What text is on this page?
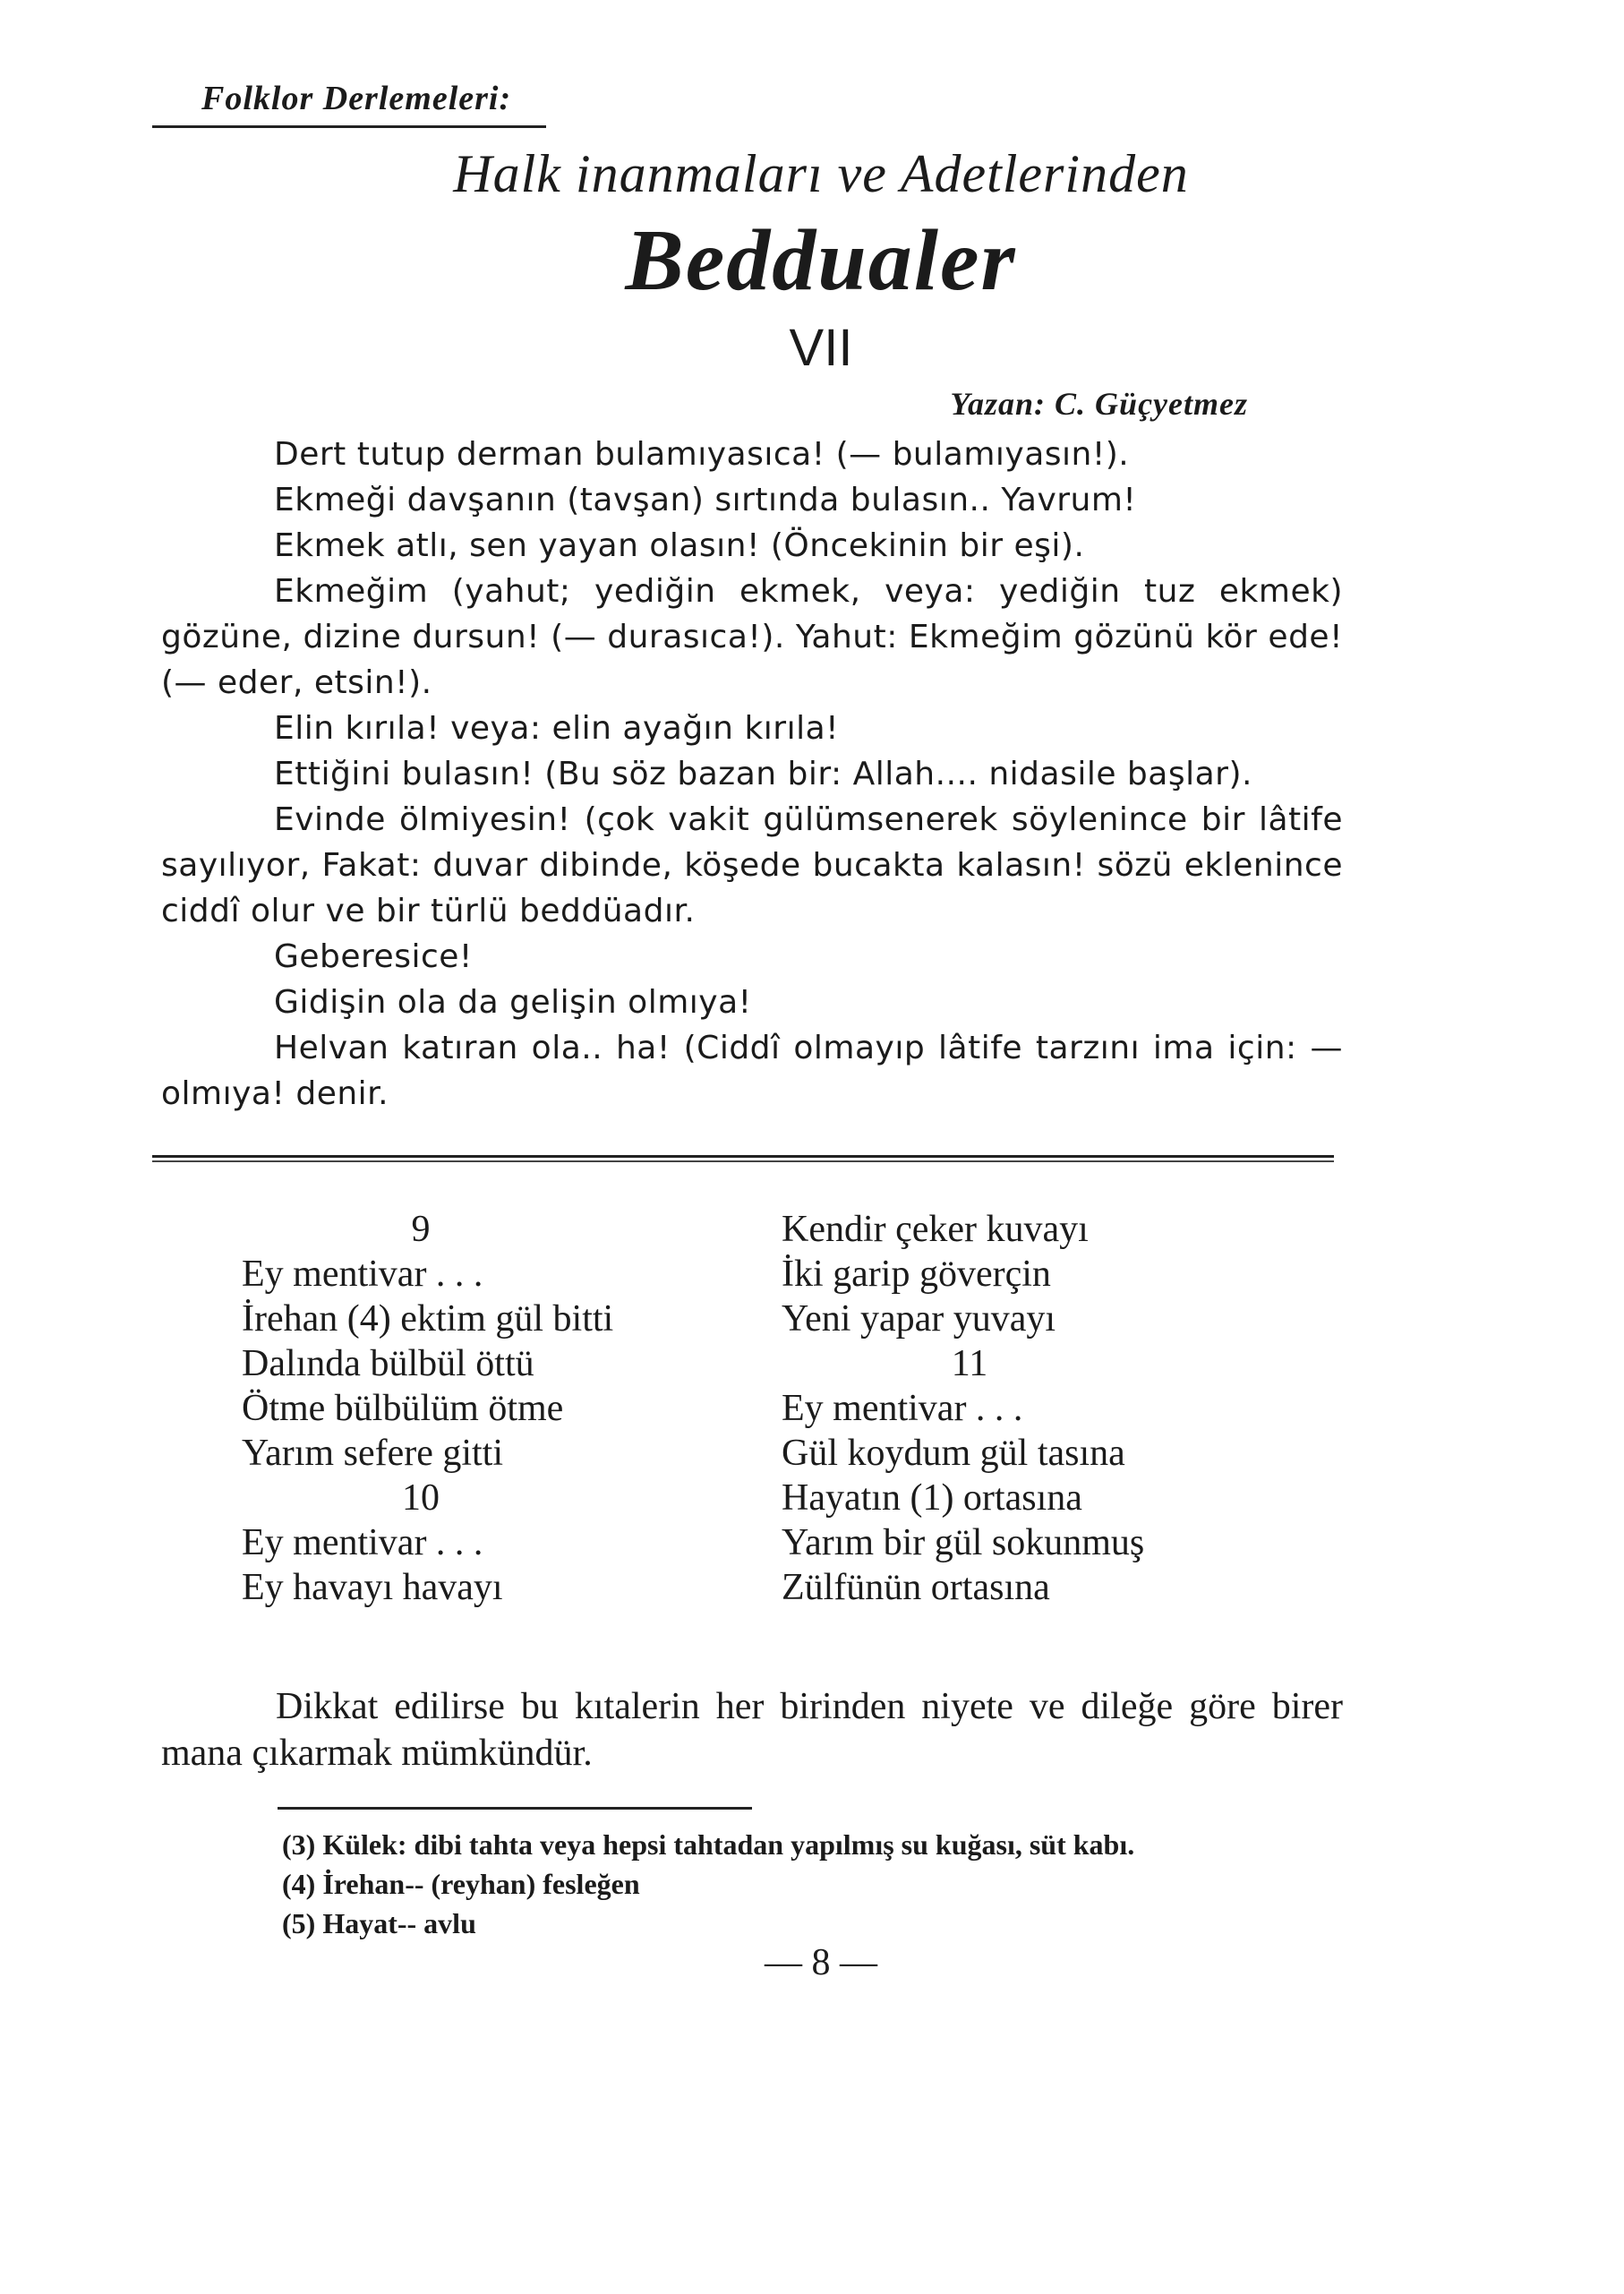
Folklor Derlemeleri:
Halk inanmaları ve Adetlerinden
Beddualer
VII
Yazan: C. Güçyetmez

Dert tutup derman bulamıyasıca! (— bulamıyasın!).

Ekmeği davşanın (tavşan) sırtında bulasın.. Yavrum!

Ekmek atlı, sen yayan olasın! (Öncekinin bir eşi).

Ekmeğim (yahut; yediğin ekmek, veya: yediğin tuz ekmek) gözüne, dizine dursun! (— durasıca!). Yahut: Ekmeğim gözünü kör ede! (— eder, etsin!).

Elin kırıla! veya: elin ayağın kırıla!

Ettiğini bulasın! (Bu söz bazan bir: Allah.... nidasile başlar).

Evinde ölmiyesin! (çok vakit gülümsenerek söylenince bir lâtife sayılıyor, Fakat: duvar dibinde, köşede bucakta kalasın! sözü eklenince ciddî olur ve bir türlü beddüadır.

Geberesice!

Gidişin ola da gelişin olmıya!

Helvan katıran ola.. ha! (Ciddî olmayıp lâtife tarzını ima için: — olmıya! denir.

9
Ey mentivar . . .
İrehan (4) ektim gül bitti
Dalında bülbül öttü
Ötme bülbülüm ötme
Yarım sefere gitti
10
Ey mentivar . . .
Ey havayı havayı
Kendir çeker kuvayı
İki garip göverçin
Yeni yapar yuvayı
11
Ey mentivar . . .
Gül koydum gül tasına
Hayatın (1) ortasına
Yarım bir gül sokunmuş
Zülfünün ortasına

Dikkat edilirse bu kıtalerin her birinden niyete ve dileğe göre birer mana çıkarmak mümkündür.

(3) Külek: dibi tahta veya hepsi tahtadan yapılmış su kuğası, süt kabı.
(4) İrehan-- (reyhan) fesleğen
(5) Hayat-- avlu
— 8 —
